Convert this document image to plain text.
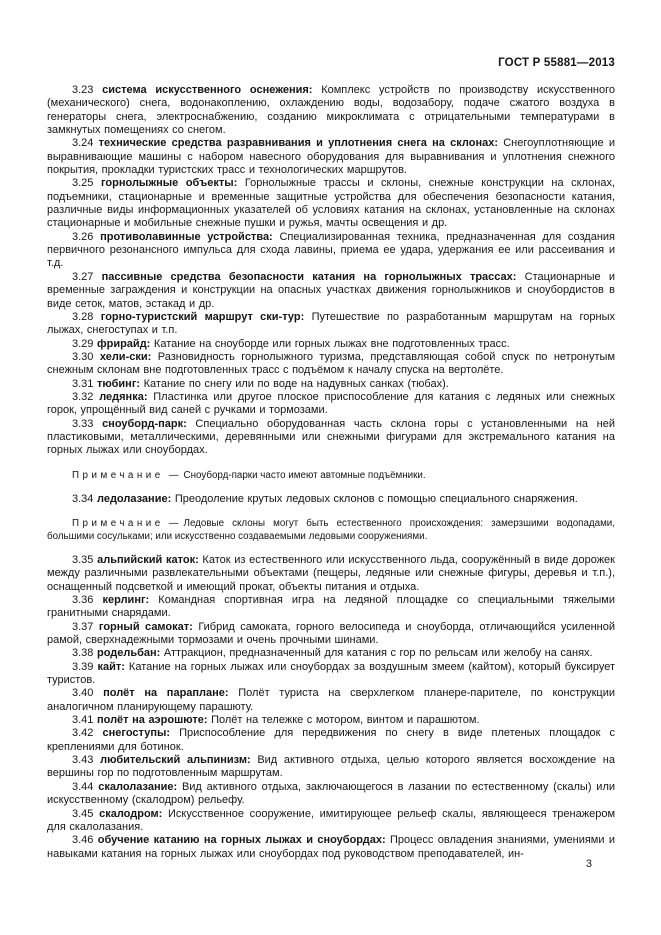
ГОСТ Р 55881—2013

3.23 система искусственного оснежения: Комплекс устройств по производству искусственного (механического) снега, водонакоплению, охлаждению воды, водозабору, подаче сжатого воздуха в генераторы снега, электроснабжению, созданию микроклимата с отрицательными температурами в замкнутых помещениях со снегом.

3.24 технические средства разравнивания и уплотнения снега на склонах: Снегоуплотняющие и выравнивающие машины с набором навесного оборудования для выравнивания и уплотнения снежного покрытия, прокладки туристских трасс и технологических маршрутов.

3.25 горнолыжные объекты: Горнолыжные трассы и склоны, снежные конструкции на склонах, подъемники, стационарные и временные защитные устройства для обеспечения безопасности катания, различные виды информационных указателей об условиях катания на склонах, установленные на склонах стационарные и мобильные снежные пушки и ружья, мачты освещения и др.

3.26 противолавинные устройства: Специализированная техника, предназначенная для создания первичного резонансного импульса для схода лавины, приема ее удара, удержания ее или рассеивания и т.д.

3.27 пассивные средства безопасности катания на горнолыжных трассах: Стационарные и временные заграждения и конструкции на опасных участках движения горнолыжников и сноубордистов в виде сеток, матов, эстакад и др.

3.28 горно-туристский маршрут ски-тур: Путешествие по разработанным маршрутам на горных лыжах, снегоступах и т.п.

3.29 фрирайд: Катание на сноуборде или горных лыжах вне подготовленных трасс.

3.30 хели-ски: Разновидность горнолыжного туризма, представляющая собой спуск по нетронутым снежным склонам вне подготовленных трасс с подъёмом к началу спуска на вертолёте.

3.31 тюбинг: Катание по снегу или по воде на надувных санках (тюбах).

3.32 ледянка: Пластинка или другое плоское приспособление для катания с ледяных или снежных горок, упрощённый вид саней с ручками и тормозами.

3.33 сноуборд-парк: Специально оборудованная часть склона горы с установленными на ней пластиковыми, металлическими, деревянными или снежными фигурами для экстремального катания на горных лыжах или сноубордах.

Примечание — Сноуборд-парки часто имеют автомные подъёмники.

3.34 ледолазание: Преодоление крутых ледовых склонов с помощью специального снаряжения.

Примечание — Ледовые склоны могут быть естественного происхождения: замерзшими водопадами, большими сосульками; или искусственно создаваемыми ледовыми сооружениями.

3.35 альпийский каток: Каток из естественного или искусственного льда, сооружённый в виде дорожек между различными развлекательными объектами (пещеры, ледяные или снежные фигуры, деревья и т.п.), оснащенный подсветкой и имеющий прокат, объекты питания и отдыха.

3.36 керлинг: Командная спортивная игра на ледяной площадке со специальными тяжелыми гранитными снарядами.

3.37 горный самокат: Гибрид самоката, горного велосипеда и сноуборда, отличающийся усиленной рамой, сверхнадежными тормозами и очень прочными шинами.

3.38 родельбан: Аттракцион, предназначенный для катания с гор по рельсам или желобу на санях.

3.39 кайт: Катание на горных лыжах или сноубордах за воздушным змеем (кайтом), который буксирует туристов.

3.40 полёт на параплане: Полёт туриста на сверхлегком планере-парителе, по конструкции аналогичном планирующему парашюту.

3.41 полёт на аэрошюте: Полёт на тележке с мотором, винтом и парашютом.

3.42 снегоступы: Приспособление для передвижения по снегу в виде плетеных площадок с креплениями для ботинок.

3.43 любительский альпинизм: Вид активного отдыха, целью которого является восхождение на вершины гор по подготовленным маршрутам.

3.44 скалолазание: Вид активного отдыха, заключающегося в лазании по естественному (скалы) или искусственному (скалодром) рельефу.

3.45 скалодром: Искусственное сооружение, имитирующее рельеф скалы, являющееся тренажером для скалолазания.

3.46 обучение катанию на горных лыжах и сноубордах: Процесс овладения знаниями, умениями и навыками катания на горных лыжах или сноубордах под руководством преподавателей, ин-

3
